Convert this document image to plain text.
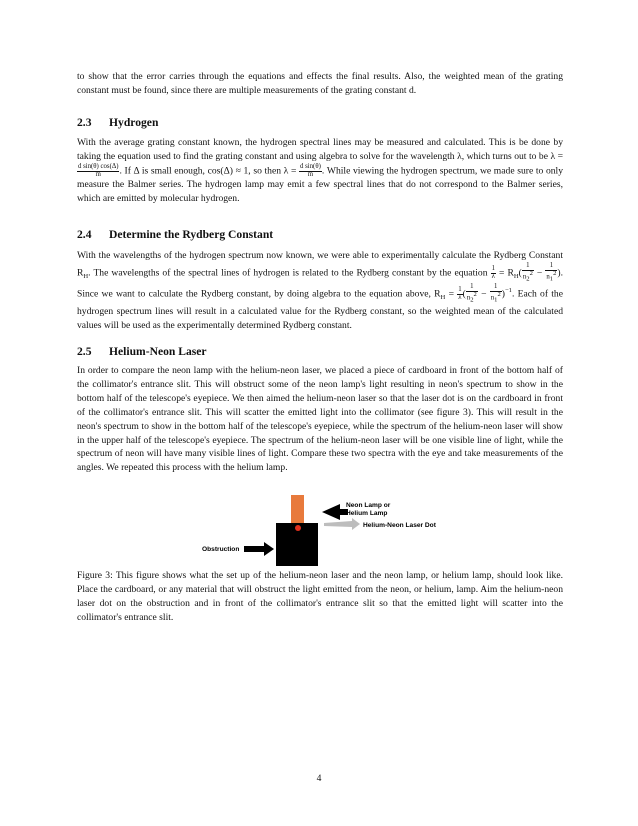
to show that the error carries through the equations and effects the final results. Also, the weighted mean of the grating constant must be found, since there are multiple measurements of the grating constant d.

2.3 Hydrogen

With the average grating constant known, the hydrogen spectral lines may be measured and calculated. This is be done by taking the equation used to find the grating constant and using algebra to solve for the wavelength λ, which turns out to be λ =
$\frac{\text{d sin(θ) cos(Δ)}}{m}$ . If Δ is small enough, cos(Δ) ≈ 1, so then $\lambda = \frac{\text{d sin(θ)}}{m}$ . While viewing the hydrogen spectrum, we made sure to only measure the Balmer series. The hydrogen lamp may emit a few spectral lines that do not correspond to the Balmer series, which are emitted by molecular hydrogen.

2.4 Determine the Rydberg Constant

With the wavelengths of the hydrogen spectrum now known, we were able to experimentally calculate the Rydberg Constant $R_H$. The wavelengths of the spectral lines of hydrogen is related to the Rydberg constant by the equation $\frac{1}{\lambda} = R_H( \frac{1}{n_2^2} - \frac{1}{n_1^2}$ ). Since we want to calculate the Rydberg constant, by doing algebra to the equation above, $R_H = \frac{1}{\lambda}$ ( $\frac{1}{n_2^2} - \frac{1}{n_1^2} )^{-1}$. Each of the hydrogen spectrum lines will result in a calculated value for the Rydberg constant, so the weighted mean of the calculated values will be used as the experimentally determined Rydberg constant.

2.5 Helium-Neon Laser

In order to compare the neon lamp with the helium-neon laser, we placed a piece of cardboard in front of the bottom half of the collimator's entrance slit. This will obstruct some of the neon lamp's light resulting in neon's spectrum to show in the bottom half of the telescope's eyepiece. We then aimed the helium-neon laser so that the laser dot is on the cardboard in front of the collimator's entrance slit. This will scatter the emitted light into the collimator (see figure 3). This will result in the neon's spectrum to show in the bottom half of the telescope's eyepiece, while the spectrum of the helium-neon laser will show in the upper half of the telescope's eyepiece. The spectrum of the helium-neon laser will be one visible line of light, while the spectrum of neon will have many visible lines of light. Compare these two spectra with the eye and take measurements of the angles. We repeated this process with the helium lamp.

Neon Lamp or
Helium Lamp
Helium-Neon Laser Dot
Obstruction

Figure 3: This figure shows what the set up of the helium-neon laser and the neon lamp, or helium lamp, should look like. Place the cardboard, or any material that will obstruct the light emitted from the neon, or helium, lamp. Aim the helium-neon laser dot on the obstruction and in front of the collimator's entrance slit so that the emitted light will scatter into the collimator's entrance slit.

4
